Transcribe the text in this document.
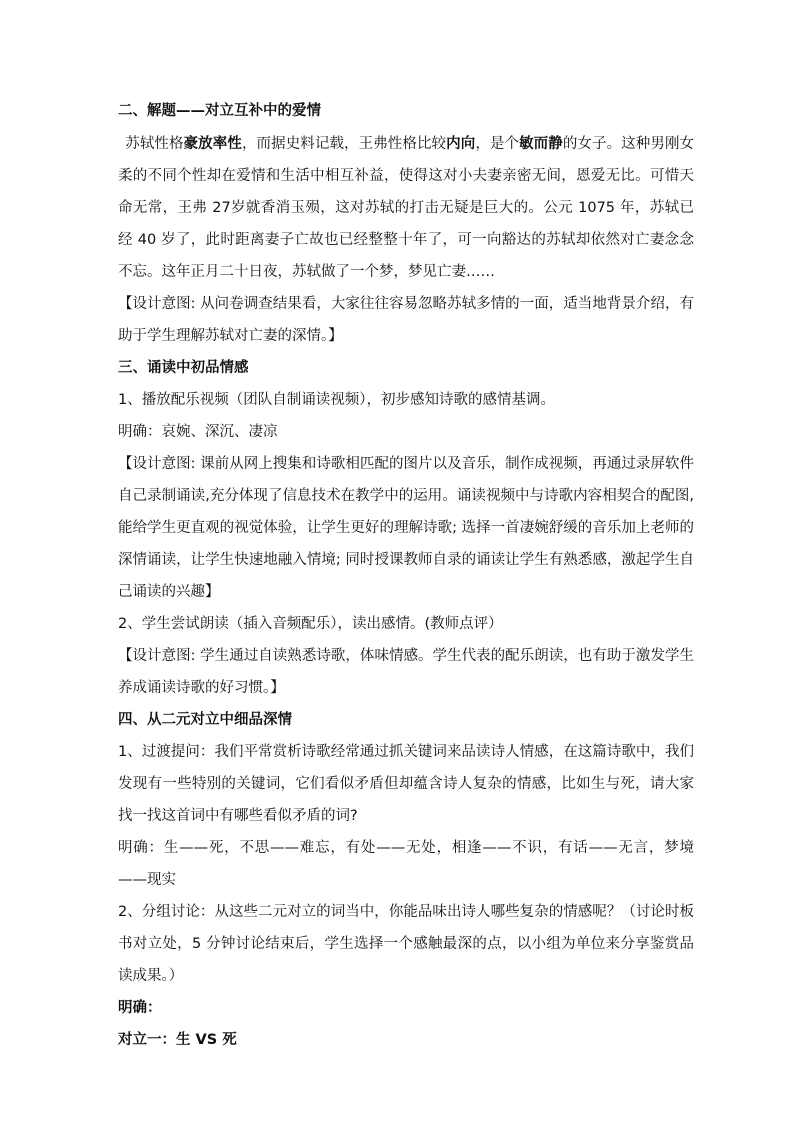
二、解题——对立互补中的爱情

苏轼性格豪放率性，而据史料记载，王弗性格比较内向，是个敏而静的女子。这种男刚女柔的不同个性却在爱情和生活中相互补益，使得这对小夫妻亲密无间，恩爱无比。可惜天命无常，王弗 27岁就香消玉殒，这对苏轼的打击无疑是巨大的。公元 1075 年，苏轼已经 40 岁了，此时距离妻子亡故也已经整整十年了，可一向豁达的苏轼却依然对亡妻念念不忘。这年正月二十日夜，苏轼做了一个梦，梦见亡妻……

【设计意图: 从问卷调查结果看，大家往往容易忽略苏轼多情的一面，适当地背景介绍，有助于学生理解苏轼对亡妻的深情。】

三、诵读中初品情感

1、播放配乐视频（团队自制诵读视频），初步感知诗歌的感情基调。

明确：哀婉、深沉、凄凉

【设计意图: 课前从网上搜集和诗歌相匹配的图片以及音乐，制作成视频，再通过录屏软件自己录制诵读,充分体现了信息技术在教学中的运用。诵读视频中与诗歌内容相契合的配图,能给学生更直观的视觉体验，让学生更好的理解诗歌; 选择一首凄婉舒缓的音乐加上老师的深情诵读，让学生快速地融入情境; 同时授课教师自录的诵读让学生有熟悉感，激起学生自己诵读的兴趣】

2、学生尝试朗读（插入音频配乐），读出感情。(教师点评）

【设计意图: 学生通过自读熟悉诗歌，体味情感。学生代表的配乐朗读，也有助于激发学生养成诵读诗歌的好习惯。】

四、从二元对立中细品深情

1、过渡提问：我们平常赏析诗歌经常通过抓关键词来品读诗人情感，在这篇诗歌中，我们发现有一些特别的关键词，它们看似矛盾但却蕴含诗人复杂的情感，比如生与死，请大家找一找这首词中有哪些看似矛盾的词?

明确：生——死，不思——难忘，有处——无处，相逢——不识，有话——无言，梦境——现实

2、分组讨论：从这些二元对立的词当中，你能品味出诗人哪些复杂的情感呢？（讨论时板书对立处，5 分钟讨论结束后，学生选择一个感触最深的点，以小组为单位来分享鉴赏品读成果。）

明确：
对立一：生 VS 死
